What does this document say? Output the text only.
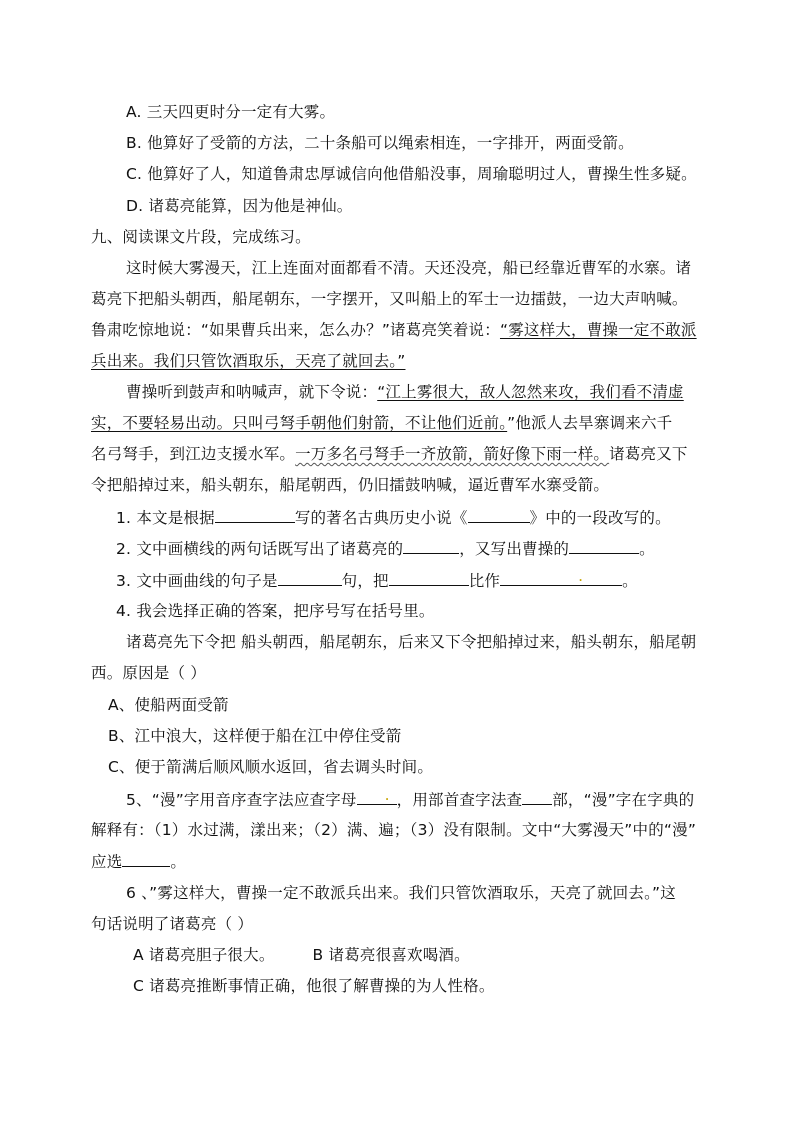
A. 三天四更时分一定有大雾。
B. 他算好了受箭的方法，二十条船可以绳索相连，一字排开，两面受箭。
C. 他算好了人，知道鲁肃忠厚诚信向他借船没事，周瑜聪明过人，曹操生性多疑。
D. 诸葛亮能算，因为他是神仙。
九、阅读课文片段，完成练习。
这时候大雾漫天，江上连面对面都看不清。天还没亮，船已经靠近曹军的水寨。诸
葛亮下把船头朝西，船尾朝东，一字摆开，又叫船上的军士一边擂鼓，一边大声呐喊。
鲁肃吃惊地说：“如果曹兵出来，怎么办？”诸葛亮笑着说：“雾这样大，曹操一定不敢派
兵出来。我们只管饮酒取乐，天亮了就回去。”
曹操听到鼓声和呐喊声，就下令说：“江上雾很大，敌人忽然来攻，我们看不清虚
实，不要轻易出动。只叫弓弩手朝他们射箭，不让他们近前。”他派人去旱寨调来六千
名弓弩手，到江边支援水军。一万多名弓弩手一齐放箭，箭好像下雨一样。诸葛亮又下
令把船掉过来，船头朝东，船尾朝西，仍旧擂鼓呐喊，逼近曹军水寨受箭。
1. 本文是根据	写的著名古典历史小说《	》中的一段改写的。
2. 文中画横线的两句话既写出了诸葛亮的	，又写出曹操的	。
3. 文中画曲线的句子是	句，把	比作	.	。
4. 我会选择正确的答案，把序号写在括号里。
诸葛亮先下令把 船头朝西，船尾朝东，后来又下令把船掉过来，船头朝东，船尾朝
西。原因是（ ）
A、使船两面受箭
B、江中浪大，这样便于船在江中停住受箭
C、便于箭满后顺风顺水返回，省去调头时间。
5、“漫”字用音序查字法应查字母 . ，用部首查字法查 部，“漫”字在字典的
解释有：（1）水过满，漾出来；（2）满、遍；（3）没有限制。文中“大雾漫天”中的“漫”
应选	。
6 、”雾这样大，曹操一定不敢派兵出来。我们只管饮酒取乐，天亮了就回去。”这
句话说明了诸葛亮（ ）
A 诸葛亮胆子很大。 B 诸葛亮很喜欢喝酒。
C 诸葛亮推断事情正确，他很了解曹操的为人性格。
